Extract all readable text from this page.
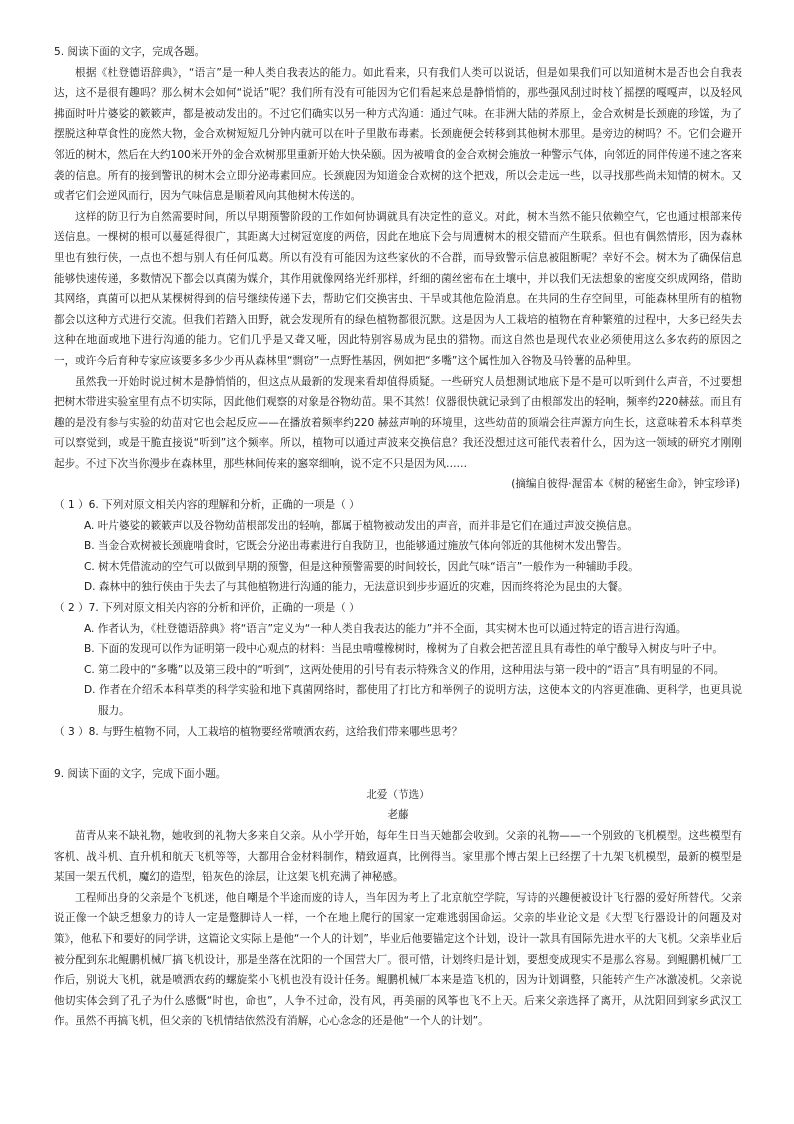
5. 阅读下面的文字，完成各题。

根据《杜登德语辞典》，“语言”是一种人类自我表达的能力。如此看来，只有我们人类可以说话，但是如果我们可以知道树木是否也会自我表达，这不是很有趣吗？那么树木会如何“说话”呢？我们所有没有可能因为它们看起来总是静悄悄的，那些强风刮过时枝丫摇摆的嘎嘎声，以及轻风拂面时叶片婆娑的簌簌声，都是被动发出的。不过它们确实以另一种方式沟通：通过气味。在非洲大陆的荞原上，金合欢树是长颈鹿的珍馐，为了摆脱这种草食性的庞然大物，金合欢树短短几分钟内就可以在叶子里散布毒素。长颈鹿便会转移到其他树木那里。是旁边的树吗？不。它们会避开邻近的树木，然后在大约100米开外的金合欢树那里重新开始大快朵颐。因为被啃食的金合欢树会施放一种警示气体，向邻近的同伴传递不速之客来袭的信息。所有的接到警讯的树木会立即分泌毒素回应。长颈鹿因为知道金合欢树的这个把戏，所以会走远一些，以寻找那些尚未知情的树木。又或者它们会逆风而行，因为气味信息是顺着风向其他树木传送的。

这样的防卫行为自然需要时间，所以早期预警阶段的工作如何协调就具有决定性的意义。对此，树木当然不能只依赖空气，它也通过根部来传送信息。一棵树的根可以蔓延得很广，其距离大过树冠宽度的两倍，因此在地底下会与周遭树木的根交错而产生联系。但也有偶然情形，因为森林里也有独行侠，一点也不想与别人有任何瓜葛。所以有没有可能因为这些家伙的不合群，而导致警示信息被阻断呢？幸好不会。树木为了确保信息能够快速传递，多数情况下都会以真菌为媒介，其作用就像网络光纤那样，纤细的菌丝密布在土壤中，并以我们无法想象的密度交织成网络，借助其网络，真菌可以把从某棵树得到的信号继续传递下去，帮助它们交换害虫、干旱或其他危险消息。在共同的生存空间里，可能森林里所有的植物都会以这种方式进行交流。但我们若踏入田野，就会发现所有的绿色植物都很沉默。这是因为人工栽培的植物在育种繁殖的过程中，大多已经失去这种在地面或地下进行沟通的能力。它们几乎是又聋又哑，因此特别容易成为昆虫的猎物。而这自然也是现代农业必须使用这么多农药的原因之一，或许今后育种专家应该要多多少少再从森林里“剽窃”一点野性基因，例如把“多嘴”这个属性加入谷物及马铃薯的品种里。

虽然我一开始时说过树木是静悄悄的，但这点从最新的发现来看却值得质疑。一些研究人员想测试地底下是不是可以听到什么声音，不过要想把树木带进实验室里有点不切实际，因此他们观察的对象是谷物幼苗。果不其然！仪器很快就记录到了由根部发出的轻响，频率约220赫兹。而且有趣的是没有参与实验的幼苗对它也会起反应——在播放着频率约220 赫兹声响的环境里，这些幼苗的顶端会往声源方向生长，这意味着禾本科草类可以察觉到，或是干脆直接说“听到”这个频率。所以，植物可以通过声波来交换信息？我还没想过这可能代表着什么，因为这一领域的研究才刚刚起步。不过下次当你漫步在森林里，那些林间传来的窸窣细响，说不定不只是因为风……

(摘编自彼得·渥雷本《树的秘密生命》，钟宝珍译)

（ 1 ）6. 下列对原文相关内容的理解和分析，正确的一项是（ ）

A. 叶片婆娑的簌簌声以及谷物幼苗根部发出的轻响，都属于植物被动发出的声音，而并非是它们在通过声波交换信息。

B. 当金合欢树被长颈鹿啃食时，它既会分泌出毒素进行自我防卫，也能够通过施放气体向邻近的其他树木发出警告。

C. 树木凭借流动的空气可以做到早期的预警，但是这种预警需要的时间较长，因此气味“语言”一般作为一种辅助手段。

D. 森林中的独行侠由于失去了与其他植物进行沟通的能力，无法意识到步步逼近的灾难，因而终将沦为昆虫的大餐。

（ 2 ）7. 下列对原文相关内容的分析和评价，正确的一项是（ ）

A. 作者认为，《杜登德语辞典》将“语言”定义为“一种人类自我表达的能力”并不全面，其实树木也可以通过特定的语言进行沟通。

B. 下面的发现可以作为证明第一段中心观点的材料：当昆虫啃噬橡树时，橡树为了自救会把苦涩且具有毒性的单宁酸导入树皮与叶子中。

C. 第二段中的“多嘴”以及第三段中的“听到”，这两处使用的引号有表示特殊含义的作用，这种用法与第一段中的“语言”具有明显的不同。

D. 作者在介绍禾本科草类的科学实验和地下真菌网络时，都使用了打比方和举例子的说明方法，这使本文的内容更准确、更科学，也更具说服力。

（ 3 ）8. 与野生植物不同，人工栽培的植物要经常喷洒农药，这给我们带来哪些思考？

9. 阅读下面的文字，完成下面小题。

北爱（节选）

老藤

苗青从来不缺礼物，她收到的礼物大多来自父亲。从小学开始，每年生日当天她都会收到。父亲的礼物——一个别致的飞机模型。这些模型有客机、战斗机、直升机和航天飞机等等，大都用合金材料制作，精致逼真，比例得当。家里那个博古架上已经摆了十九架飞机模型，最新的模型是某国一架五代机，魔幻的造型，铅灰色的涂层，让这架飞机充满了神秘感。

工程师出身的父亲是个飞机迷，他自嘲是个半途而废的诗人，当年因为考上了北京航空学院，写诗的兴趣便被设计飞行器的爱好所替代。父亲说正像一个缺乏想象力的诗人一定是蹩脚诗人一样，一个在地上爬行的国家一定难逃弱国命运。父亲的毕业论文是《大型飞行器设计的问题及对策》，他私下和要好的同学讲，这篇论文实际上是他“一个人的计划”，毕业后他要锚定这个计划，设计一款具有国际先进水平的大飞机。父亲毕业后被分配到东北鲲鹏机械厂搞飞机设计，那是坐落在沈阳的一个国营大厂。很可惜，计划终归是计划，要想变成现实不是那么容易。到鲲鹏机械厂工作后，别说大飞机，就是喷洒农药的螺旋桨小飞机也没有设计任务。鲲鹏机械厂本来是造飞机的，因为计划调整，只能转产生产冰激凌机。父亲说他切实体会到了孔子为什么感慨“时也，命也”，人争不过命，没有风，再美丽的风筝也飞不上天。后来父亲选择了离开，从沈阳回到家乡武汉工作。虽然不再搞飞机，但父亲的飞机情结依然没有消解，心心念念的还是他“一个人的计划”。
